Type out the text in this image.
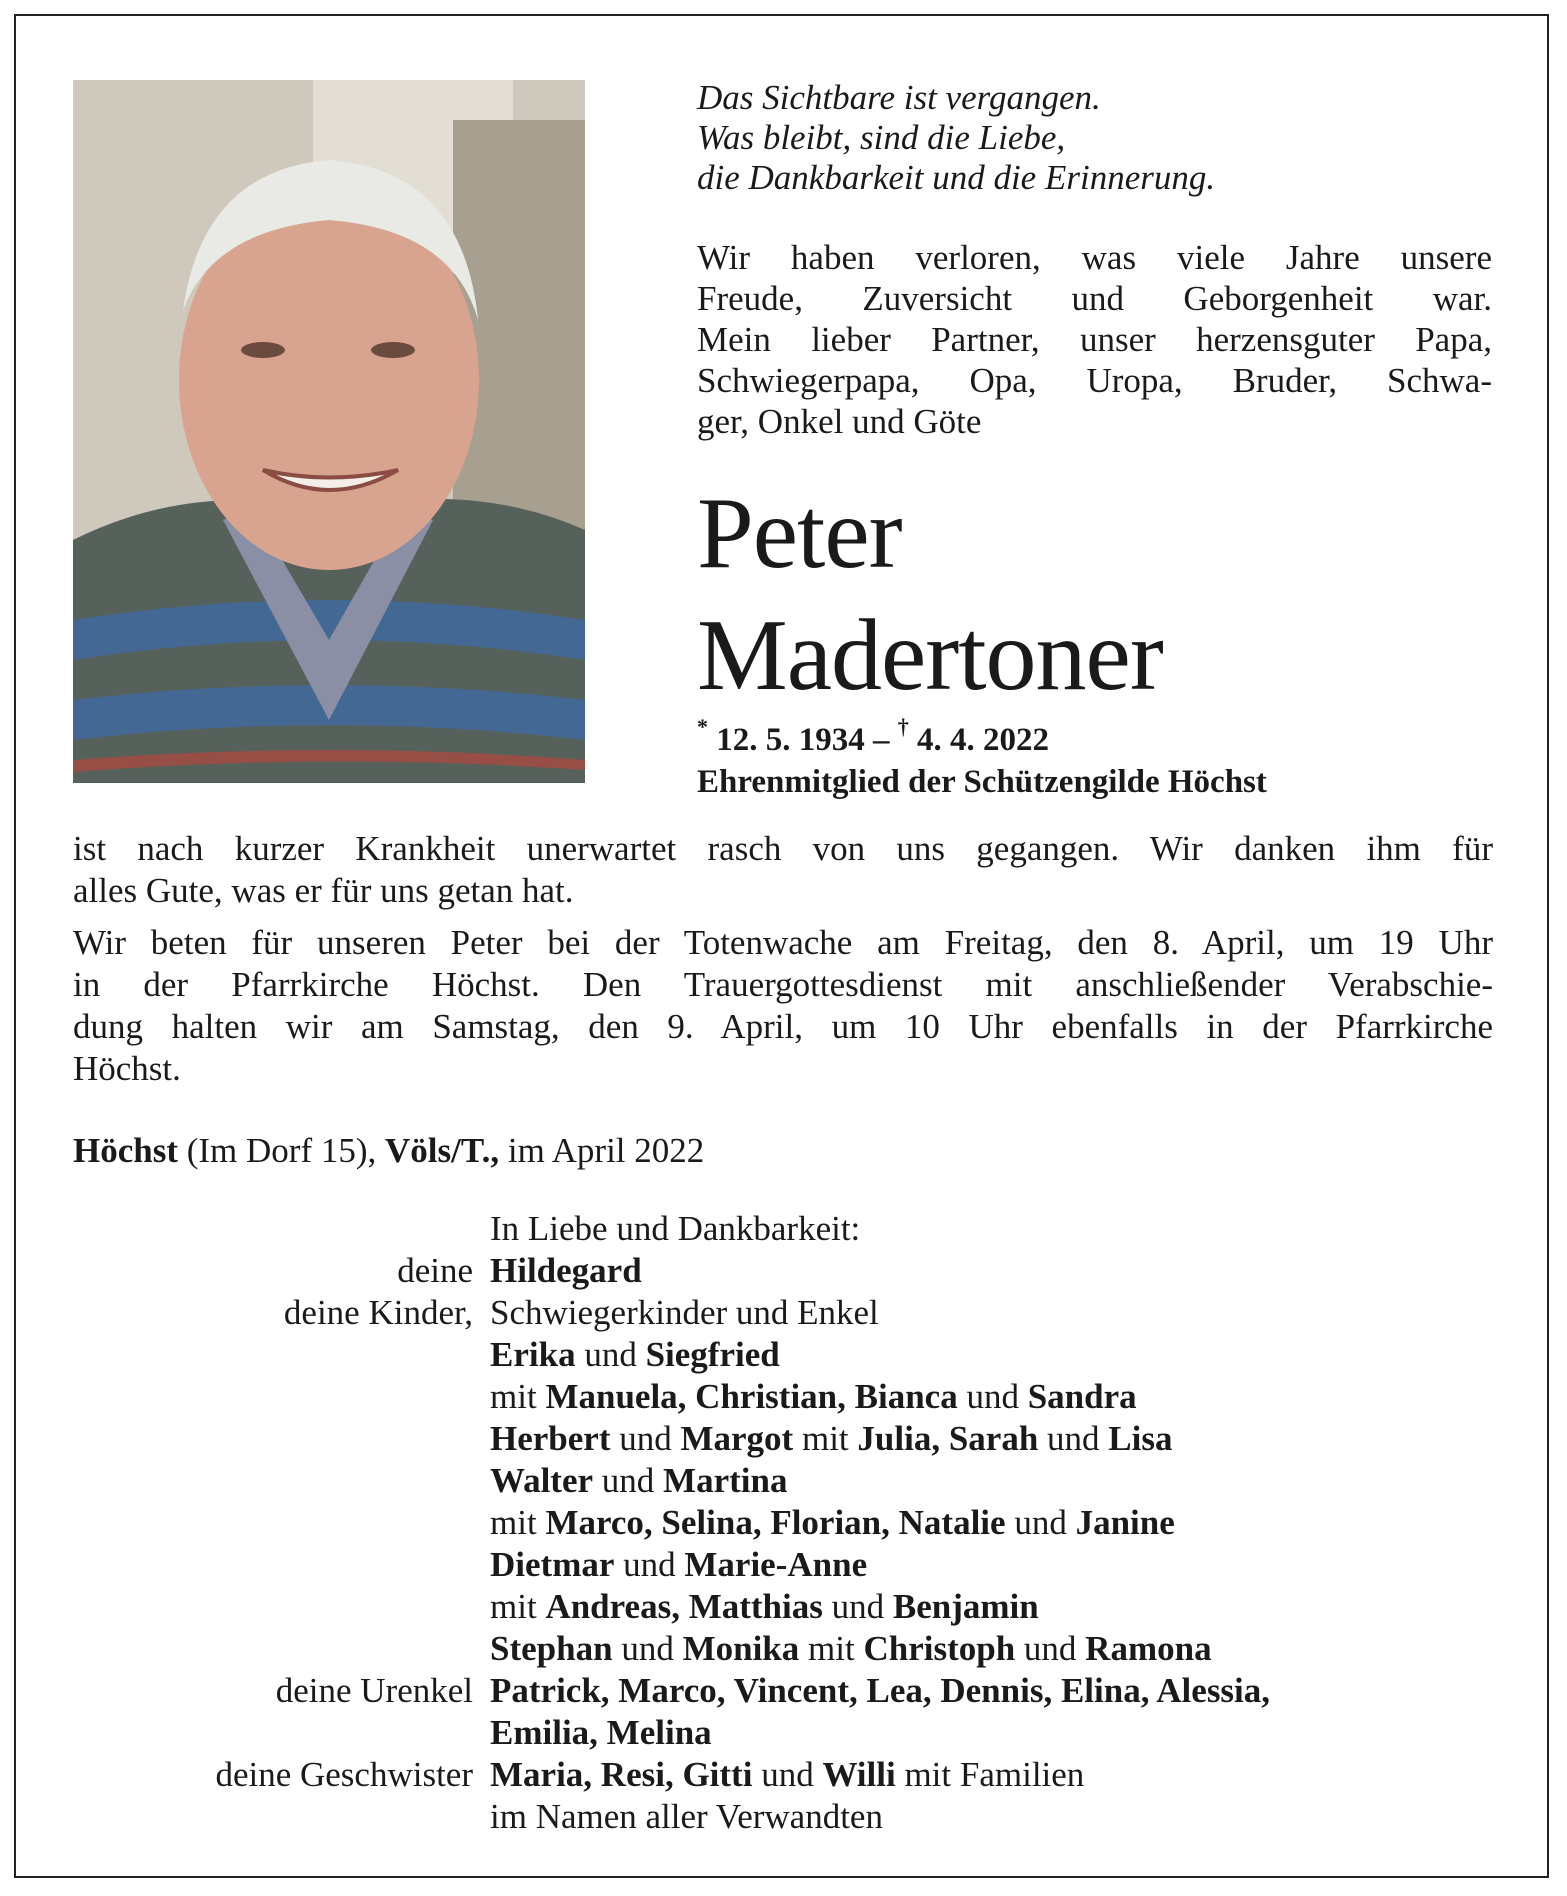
Das Sichtbare ist vergangen.
Was bleibt, sind die Liebe,
die Dankbarkeit und die Erinnerung.
Wir haben verloren, was viele Jahre unsere
Freude, Zuversicht und Geborgenheit war.
Mein lieber Partner, unser herzensguter Papa,
Schwiegerpapa, Opa, Uropa, Bruder, Schwa-
ger, Onkel und Göte
Peter
Madertoner
* 12. 5. 1934 – † 4. 4. 2022
Ehrenmitglied der Schützengilde Höchst
ist nach kurzer Krankheit unerwartet rasch von uns gegangen. Wir danken ihm für
alles Gute, was er für uns getan hat.
Wir beten für unseren Peter bei der Totenwache am Freitag, den 8. April, um 19 Uhr
in der Pfarrkirche Höchst. Den Trauergottesdienst mit anschließender Verabschie-
dung halten wir am Samstag, den 9. April, um 10 Uhr ebenfalls in der Pfarrkirche
Höchst.
Höchst (Im Dorf 15), Völs/T., im April 2022
In Liebe und Dankbarkeit:
deine Hildegard
deine Kinder, Schwiegerkinder und Enkel
Erika und Siegfried
mit Manuela, Christian, Bianca und Sandra
Herbert und Margot mit Julia, Sarah und Lisa
Walter und Martina
mit Marco, Selina, Florian, Natalie und Janine
Dietmar und Marie-Anne
mit Andreas, Matthias und Benjamin
Stephan und Monika mit Christoph und Ramona
deine Urenkel Patrick, Marco, Vincent, Lea, Dennis, Elina, Alessia,
Emilia, Melina
deine Geschwister Maria, Resi, Gitti und Willi mit Familien
im Namen aller Verwandten
